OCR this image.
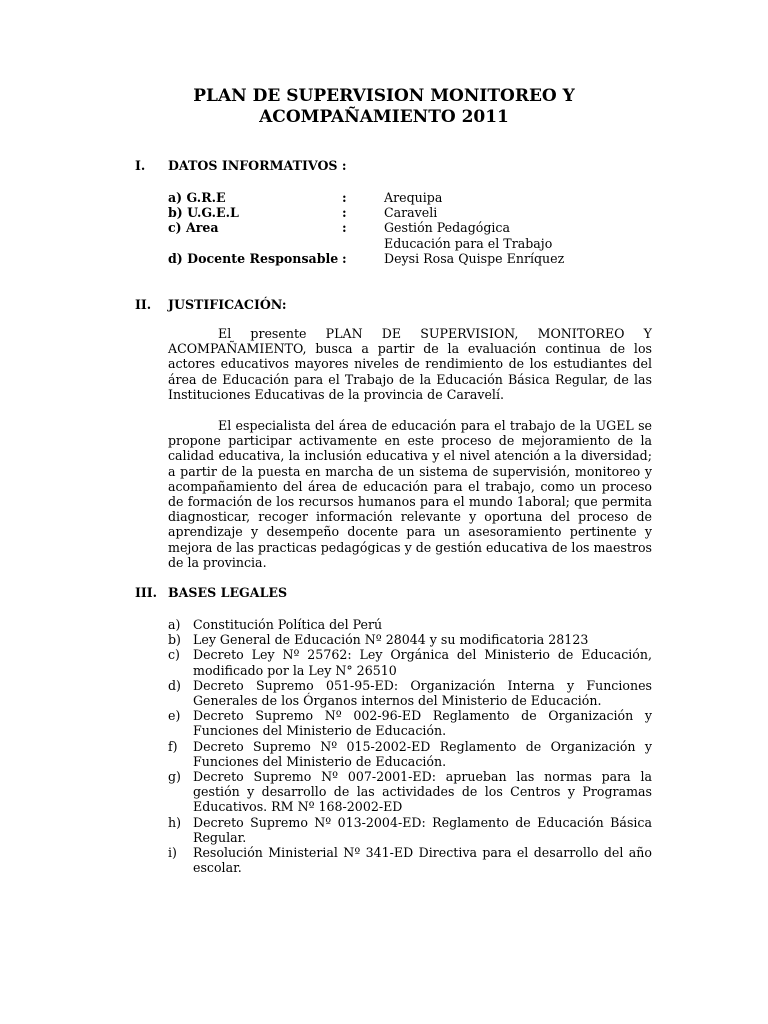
PLAN DE SUPERVISION MONITOREO Y
ACOMPAÑAMIENTO 2011
I.	DATOS INFORMATIVOS :
a) G.R.E	:	Arequipa
b) U.G.E.L	:	Caraveli
c) Area	:	Gestión Pedagógica
Educación para el Trabajo
d) Docente Responsable :	Deysi Rosa Quispe Enríquez
II.	JUSTIFICACIÓN:

El presente PLAN DE SUPERVISION, MONITOREO Y ACOMPAÑAMIENTO, busca a partir de la evaluación continua de los actores educativos mayores niveles de rendimiento de los estudiantes del área de Educación para el Trabajo de la Educación Básica Regular, de las Instituciones Educativas de la provincia de Caravelí.

El especialista del área de educación para el trabajo de la UGEL se propone participar activamente en este proceso de mejoramiento de la calidad educativa, la inclusión educativa y el nivel atención a la diversidad; a partir de la puesta en marcha de un sistema de supervisión, monitoreo y acompañamiento del área de educación para el trabajo, como un proceso de formación de los recursos humanos para el mundo 1aboral; que permita diagnosticar, recoger información relevante y oportuna del proceso de aprendizaje y desempeño docente para un asesoramiento pertinente y mejora de las practicas pedagógicas y de gestión educativa de los maestros de la provincia.

III. BASES LEGALES
a) Constitución Política del Perú
b) Ley General de Educación Nº 28044 y su modificatoria 28123
c) Decreto Ley Nº 25762: Ley Orgánica del Ministerio de Educación, modificado por la Ley N° 26510
d) Decreto Supremo 051-95-ED: Organización Interna y Funciones Generales de los Órganos internos del Ministerio de Educación.
e) Decreto Supremo Nº 002-96-ED Reglamento de Organización y Funciones del Ministerio de Educación.
f) Decreto Supremo Nº 015-2002-ED Reglamento de Organización y Funciones del Ministerio de Educación.
g) Decreto Supremo Nº 007-2001-ED: aprueban las normas para la gestión y desarrollo de las actividades de los Centros y Programas Educativos. RM Nº 168-2002-ED
h) Decreto Supremo Nº 013-2004-ED: Reglamento de Educación Básica Regular.
i) Resolución Ministerial Nº 341-ED Directiva para el desarrollo del año escolar.
